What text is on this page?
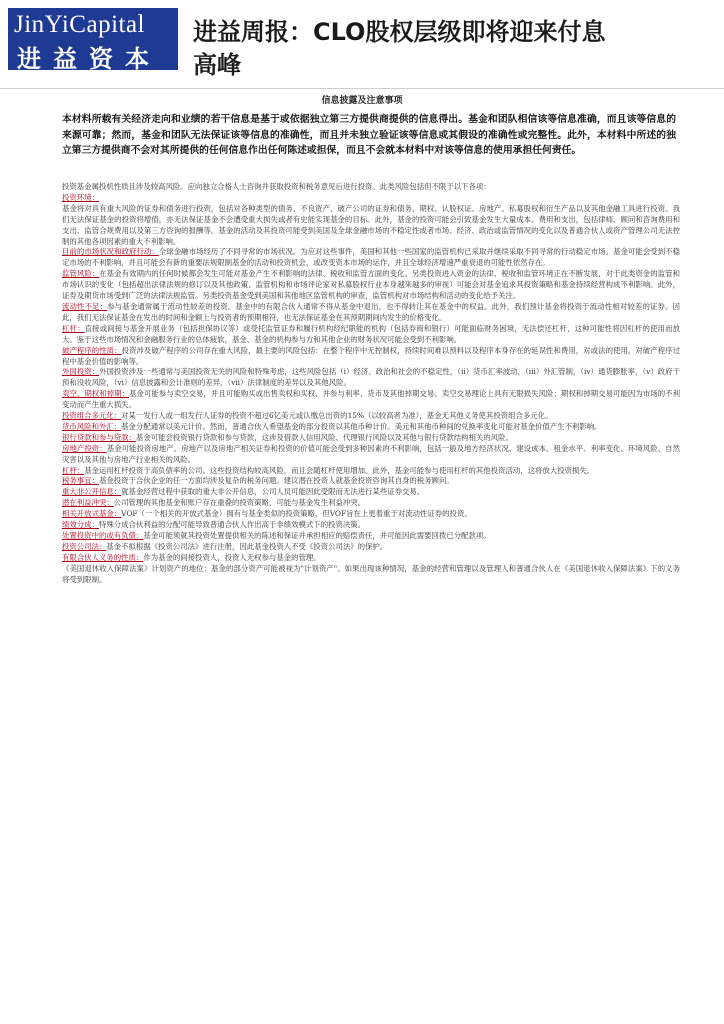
JinYiCapital
进益资本
进益周报：CLO股权层级即将迎来付息高峰
信息披露及注意事项
本材料所载有关经济走向和业绩的若干信息是基于或依据独立第三方提供商提供的信息得出。基金和团队相信该等信息准确，而且该等信息的来源可靠；然而，基金和团队无法保证该等信息的准确性，而且并未独立验证该等信息或其假设的准确性或完整性。此外，本材料中所述的独立第三方提供商不会对其所提供的任何信息作出任何陈述或担保，而且不会就本材料中对该等信息的使用承担任何责任。

投资基金属投机性质且涉及较高风险。应向独立合格人士咨询并获取投资和税务意见后进行投资。此类风险包括但不限于以下各项：

投资环境：

基金将对具有重大风险的证券和债务进行投资，包括对各种类型的债务、不良资产、破产公司的证券和债务、期权、认股权证、房地产、私募股权和衍生产品以及其他金融工具进行投资。我们无法保证基金的投资将增值，亦无法保证基金不会遭受重大损失或者有史能实现基金的目标。此外，基金的投资可能会引致基金发生大量成本、费用和支出，包括律师、顾问和咨询费用和支出、监管合规费用以及第三方咨询的报酬等。基金的活动及其投资可能受到美国及全球金融市场的不稳定性或者市场、经济、政治或监管情况的变化以及普通合伙人或资产管理公司无法控制的其他各项因素的重大不利影响。

目前的市场状况和政府行动：全球金融市场经历了不同寻常的市场状况。为应对这些事件，美国和其他一些国家的监管机构已采取并继续采取不同寻常的行动稳定市场。基金可能会受到不稳定市场的不利影响，并且可能会有新的重要法规限制基金的活动和投资机会，或改变资本市场的运作，并且全球经济增速严重衰退的可能性依然存在。

监管风险：在基金有效期内的任何时候都会发生可能对基金产生不利影响的法律、税收和监管方面的变化。另类投资进入资金的法律、税收和监管环境正在不断发展，对于此类资金的监管和市场认识的变化（包括超出法律法规的修订以及其他政策、监管机构和市场评论家对私募股权行业本身越来越多的审视）可能会对基金追求其投资策略和基金持续经营构成不利影响。此外，证券及期货市场受到广泛的法律法规监管。另类投资基金受到美国和其他地区监管机构的审查，监管机构对市场结构和活动的变化给予关注。

流动性不足：参与基金通常属于流动性较差的投资。基金中的有限合伙人通常不得从基金中退出，也不得转让其在基金中的权益。此外，我们预计基金将投资于流动性相对较差的证券。因此，我们无法保证基金在发出的时间和金额上与投资者的预期相符，也无法保证基金在其预期期间内发生的价格变化。

杠杆：直接或间接与基金开展业务（包括担保协议等）或受托监管证券和履行机构经纪职能的机构（包括券商和银行）可能面临财务困境，无法偿还杠杆，这种可能性将因杠杆的使用而放大。鉴于这些市场情况和金融服务行业的总体疲软，基金、基金的机构参与方和其他企业的财务状况可能会受到不利影响。

破产程序的性质：投资涉及破产程序的公司存在重大风险，最主要的风险包括：在整个程序中无控制权，持续时间难以预料以及程序本身存在的延误性和费用，对或法的使用，对破产程序过程中基金价值的影响等。

外国投资：外国投资涉及一些通常与美国投资无关的风险和特殊考虑，这些风险包括（i）经济、政治和社会的不稳定性，（ii）货币汇率波动，（iii）外汇管制，（iv）通货膨胀率，（v）政府干预和没收风险，（vi）信息披露和会计准则的差异，（vii）法律制度的差异以及其他风险。

卖空、期权和掉期：基金可能参与卖空交易，并且可能购买或出售卖权和买权，并参与利率、货币及其他掉期交易。卖空交易理论上具有无限损失风险；期权和掉期交易可能因为市场的不利变动而产生重大损失。

投资组合多元化：对某一发行人或一组发行人证券的投资不超过6亿美元或认缴总出资的15%（以较高者为准），基金无其他义务使其投资组合多元化。

货币风险和外汇：基金分配通常以美元计价。然而，普通合伙人希望基金的部分投资以其他币种计价。美元和其他币种间的兑换率变化可能对基金价值产生不利影响。

银行贷款和参与贷款：基金可能会投资银行贷款和参与贷款，这涉及借款人信用风险、代理银行风险以及其他与银行贷款结构相关的风险。

房地产投资：基金可能投资房地产。房地产以及房地产相关证券和投资的价值可能会受到多种因素的不利影响，包括一般及地方经济状况、建设成本、租金水平、利率变化、环境风险、自然灾害以及其他与房地产行业相关的风险。

杠杆：基金运用杠杆投资于高负债率的公司。这些投资结构较高风险，而且会随杠杆使用增加。此外，基金可能参与使用杠杆的其他投资活动，这将放大投资损失。

税务事宜：基金投资于合伙企业的任一方面均涉及复杂的税务问题。建议潜在投资人就基金投资咨询其自身的税务顾问。

重大非公开信息：就基金经营过程中获取的重大非公开信息，公司人员可能因此受限而无法进行某些证券交易。

潜在利益冲突：公司管理的其他基金和账户存在重叠的投资策略，可能与基金发生利益冲突。

相关开放式基金：VOF（一个相关的开放式基金）拥有与基金类似的投资策略，但VOF旨在上更着重于对流动性证券的投资。

绩效分成：特殊分成合伙利益的分配可能导致普通合伙人作出高于非绩效模式下的投资决策。

处置投资中的或有负债：基金可能须就其投资处置提供相关的陈述和保证并承担相应的赔偿责任，并可能因此需要回拨已分配款项。

投资公司法：基金不拟根据《投资公司法》进行注册，因此基金投资人不受《投资公司法》的保护。

有限合伙人义务的性质：作为基金的间接投资人，投资人无权参与基金的管理。

《美国退休收入保障法案》计划资产的地位：基金的部分资产可能被视为"计划资产"。如果出现该种情况，基金的经营和管理以及管理人和普通合伙人在《美国退休收入保障法案》下的义务将受到限制。
